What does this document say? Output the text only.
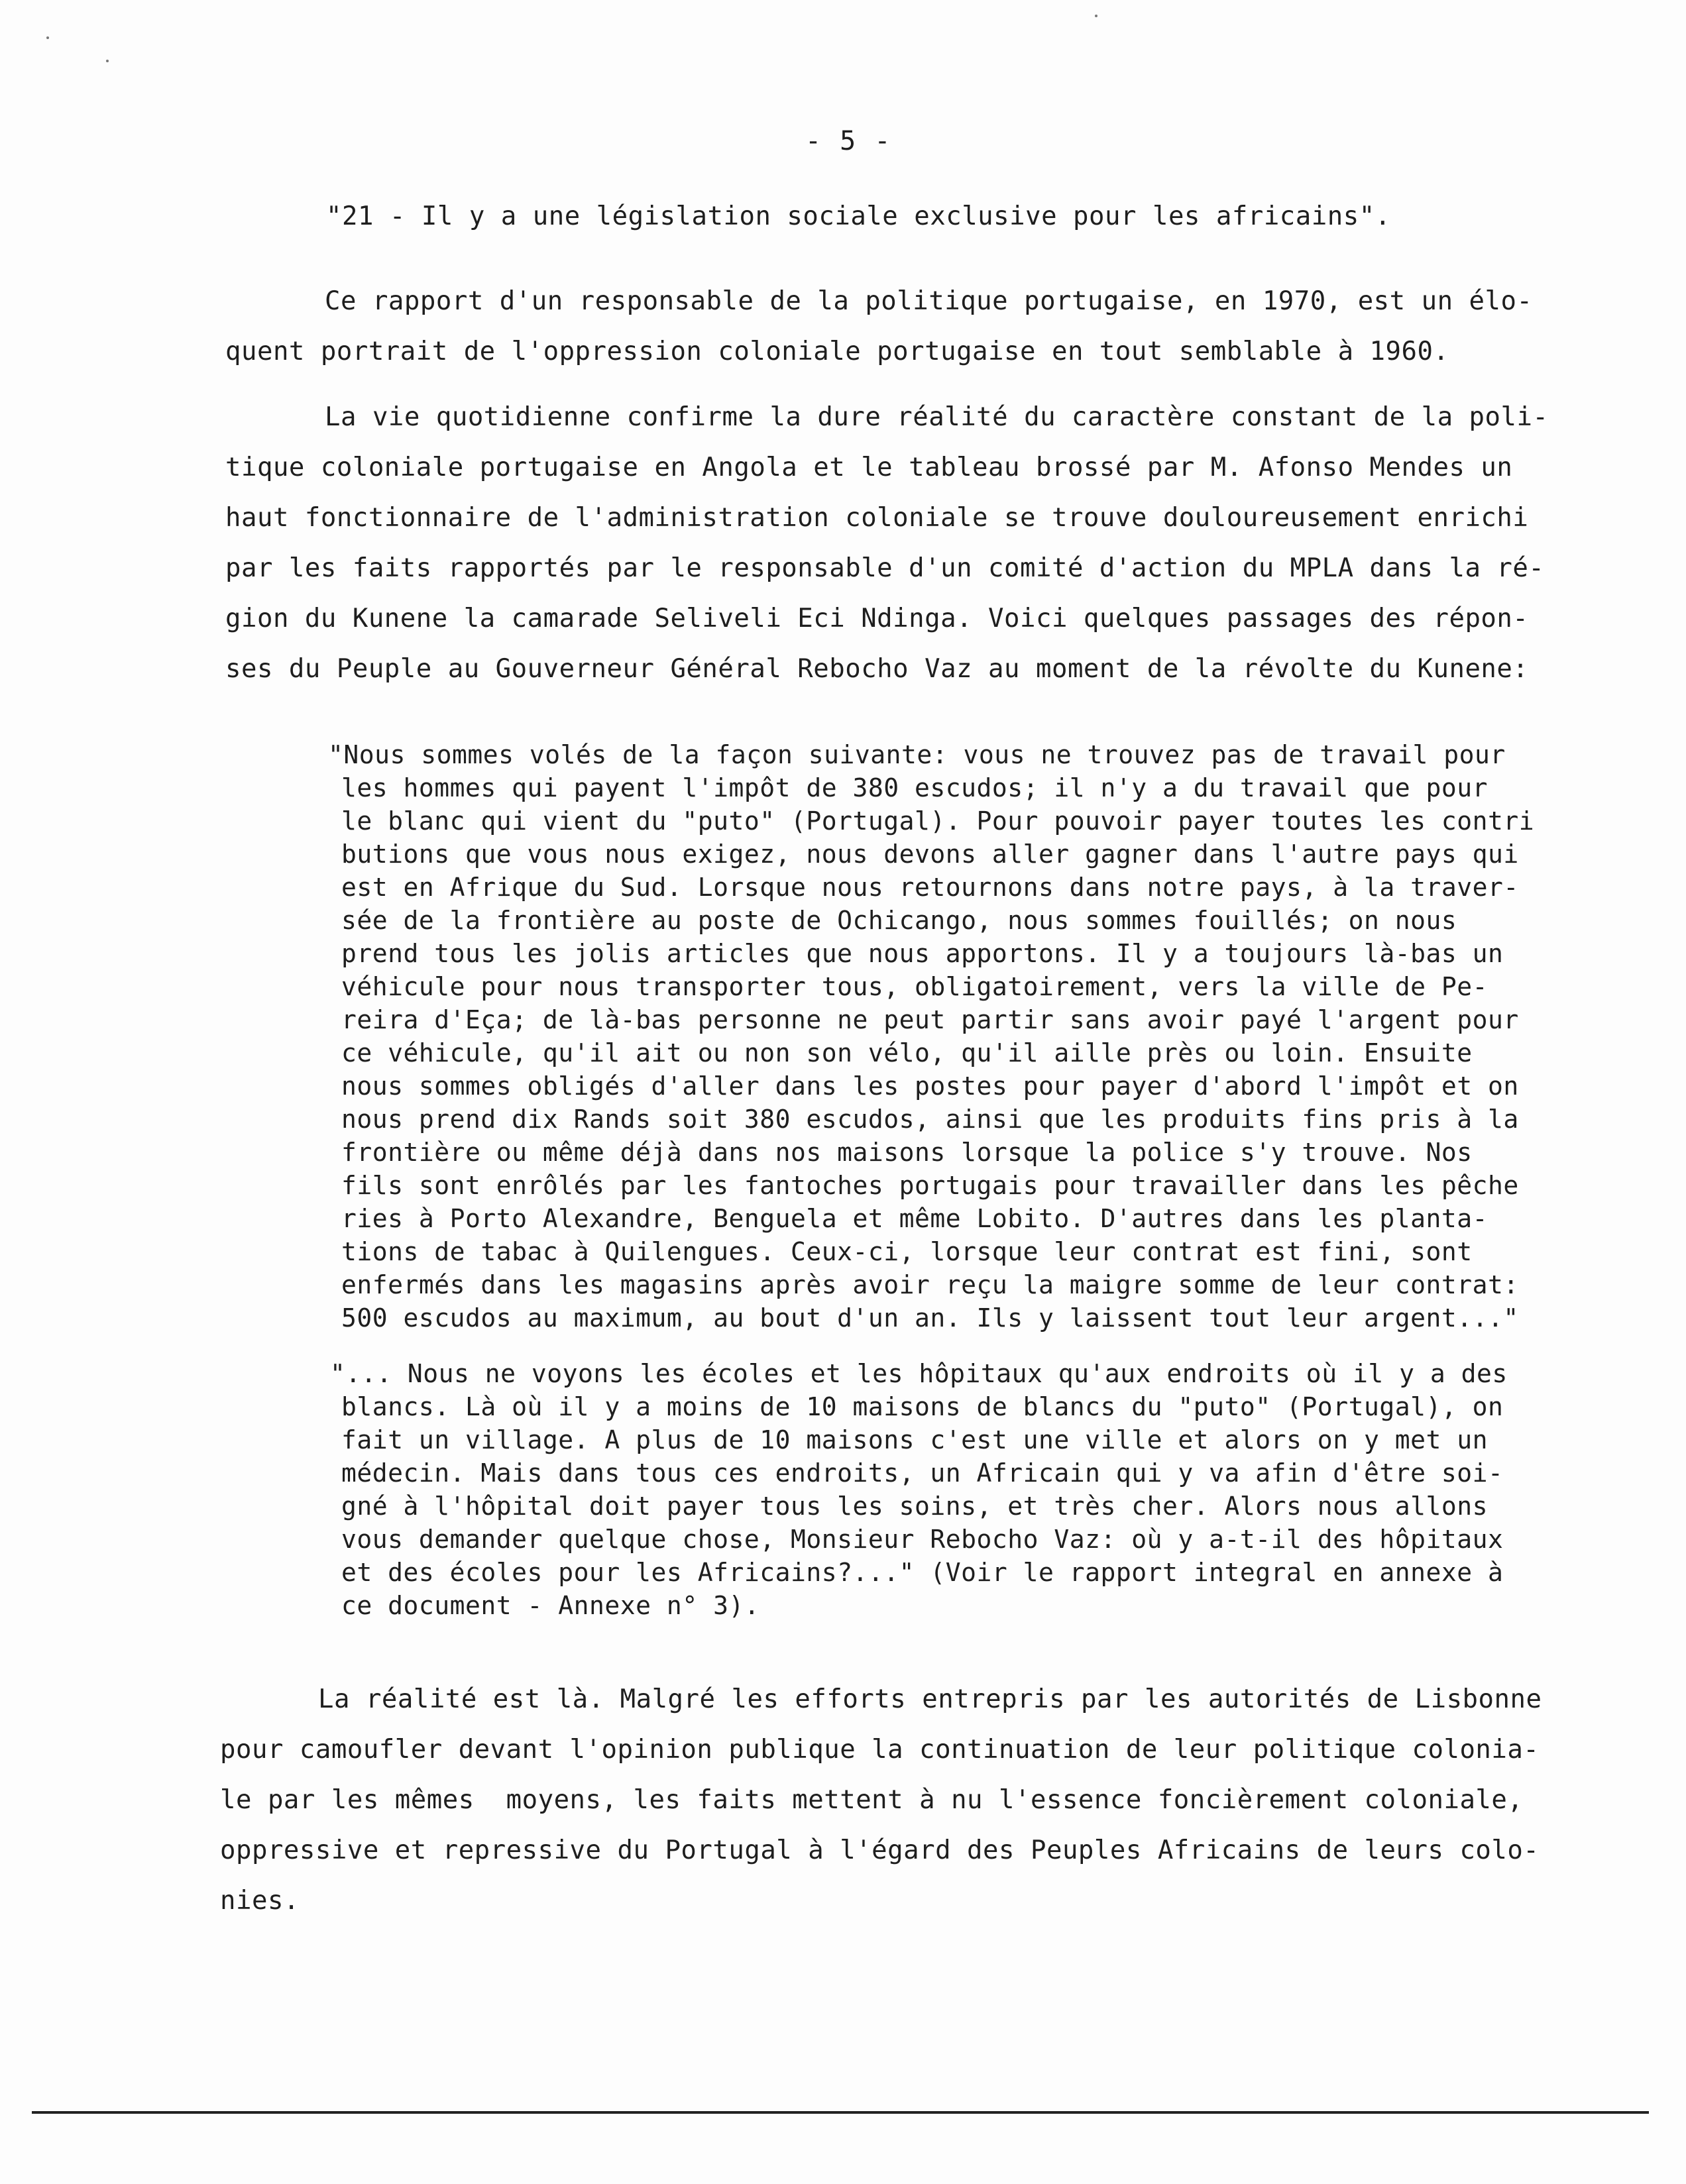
- 5 -
"21 - Il y a une législation sociale exclusive pour les africains".
Ce rapport d'un responsable de la politique portugaise, en 1970, est un élo-
quent portrait de l'oppression coloniale portugaise en tout semblable à 1960.
La vie quotidienne confirme la dure réalité du caractère constant de la poli-
tique coloniale portugaise en Angola et le tableau brossé par M. Afonso Mendes un
haut fonctionnaire de l'administration coloniale se trouve douloureusement enrichi
par les faits rapportés par le responsable d'un comité d'action du MPLA dans la ré-
gion du Kunene la camarade Seliveli Eci Ndinga. Voici quelques passages des répon-
ses du Peuple au Gouverneur Général Rebocho Vaz au moment de la révolte du Kunene:
"Nous sommes volés de la façon suivante: vous ne trouvez pas de travail pour
les hommes qui payent l'impôt de 380 escudos; il n'y a du travail que pour
le blanc qui vient du "puto" (Portugal). Pour pouvoir payer toutes les contri
butions que vous nous exigez, nous devons aller gagner dans l'autre pays qui
est en Afrique du Sud. Lorsque nous retournons dans notre pays, à la traver-
sée de la frontière au poste de Ochicango, nous sommes fouillés; on nous
prend tous les jolis articles que nous apportons. Il y a toujours là-bas un
véhicule pour nous transporter tous, obligatoirement, vers la ville de Pe-
reira d'Eça; de là-bas personne ne peut partir sans avoir payé l'argent pour
ce véhicule, qu'il ait ou non son vélo, qu'il aille près ou loin. Ensuite
nous sommes obligés d'aller dans les postes pour payer d'abord l'impôt et on
nous prend dix Rands soit 380 escudos, ainsi que les produits fins pris à la
frontière ou même déjà dans nos maisons lorsque la police s'y trouve. Nos
fils sont enrôlés par les fantoches portugais pour travailler dans les pêche
ries à Porto Alexandre, Benguela et même Lobito. D'autres dans les planta-
tions de tabac à Quilengues. Ceux-ci, lorsque leur contrat est fini, sont
enfermés dans les magasins après avoir reçu la maigre somme de leur contrat:
500 escudos au maximum, au bout d'un an. Ils y laissent tout leur argent..."
"... Nous ne voyons les écoles et les hôpitaux qu'aux endroits où il y a des
blancs. Là où il y a moins de 10 maisons de blancs du "puto" (Portugal), on
fait un village. A plus de 10 maisons c'est une ville et alors on y met un
médecin. Mais dans tous ces endroits, un Africain qui y va afin d'être soi-
gné à l'hôpital doit payer tous les soins, et très cher. Alors nous allons
vous demander quelque chose, Monsieur Rebocho Vaz: où y a-t-il des hôpitaux
et des écoles pour les Africains?..." (Voir le rapport integral en annexe à
ce document - Annexe n° 3).
La réalité est là. Malgré les efforts entrepris par les autorités de Lisbonne
pour camoufler devant l'opinion publique la continuation de leur politique colonia-
le par les mêmes  moyens, les faits mettent à nu l'essence foncièrement coloniale,
oppressive et repressive du Portugal à l'égard des Peuples Africains de leurs colo-
nies.
